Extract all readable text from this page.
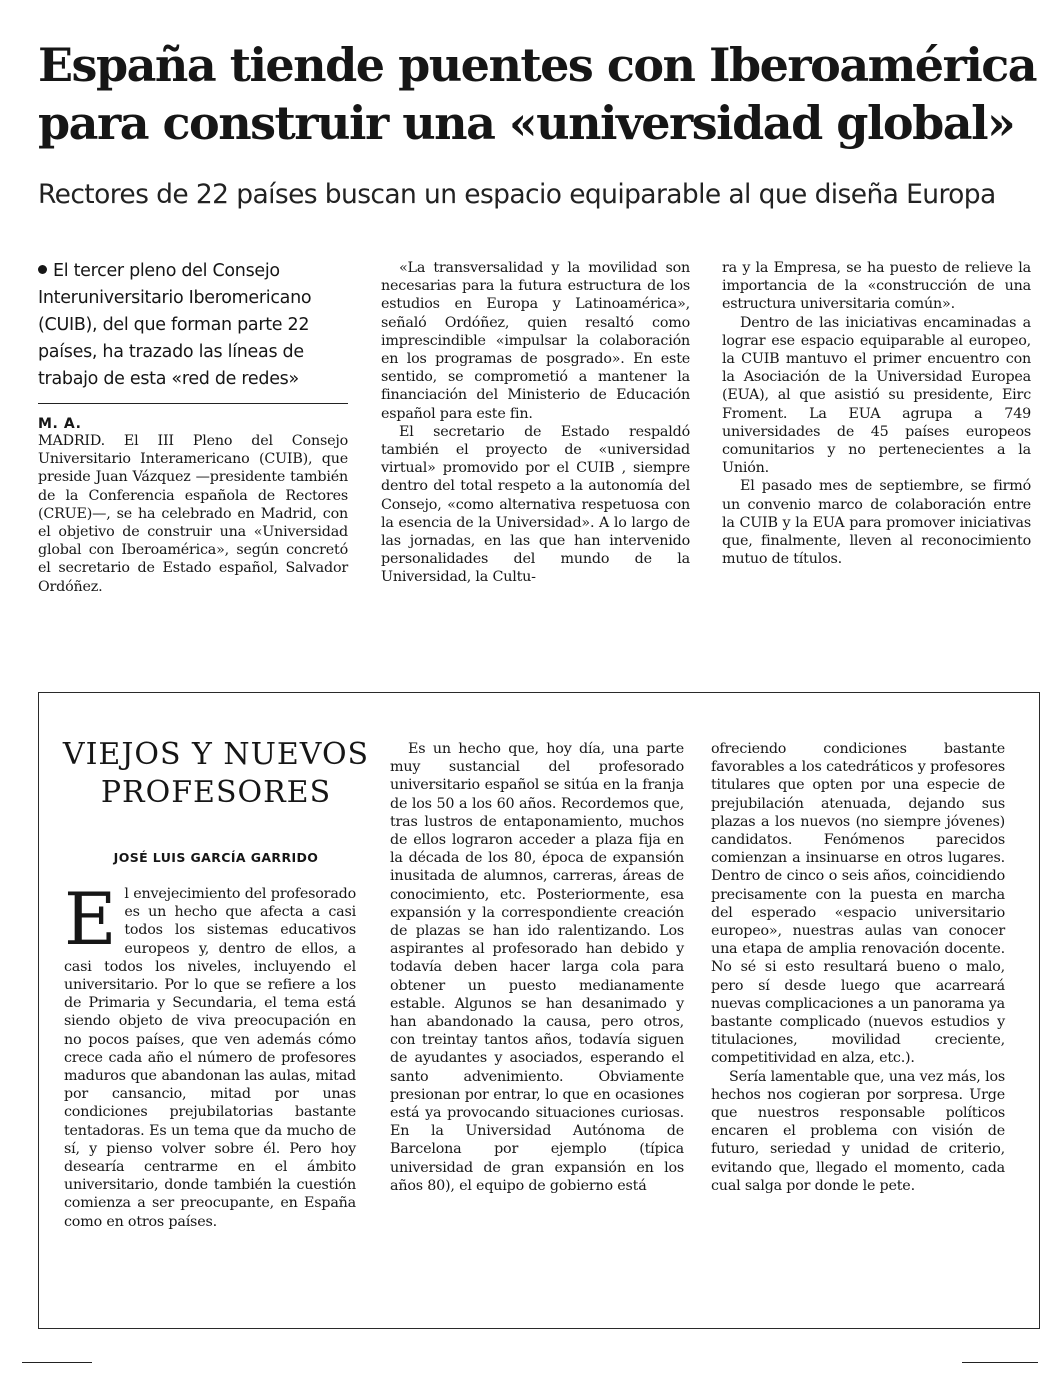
España tiende puentes con Iberoamérica para construir una «universidad global»

Rectores de 22 países buscan un espacio equiparable al que diseña Europa

El tercer pleno del Consejo Interuniversitario Iberomericano (CUIB), del que forman parte 22 países, ha trazado las líneas de trabajo de esta «red de redes»

M. A.

MADRID. El III Pleno del Consejo Universitario Interamericano (CUIB), que preside Juan Vázquez —presidente también de la Conferencia española de Rectores (CRUE)—, se ha celebrado en Madrid, con el objetivo de construir una «Universidad global con Iberoamérica», según concretó el secretario de Estado español, Salvador Ordóñez.

«La transversalidad y la movilidad son necesarias para la futura estructura de los estudios en Europa y Latinoamérica», señaló Ordóñez, quien resaltó como imprescindible «impulsar la colaboración en los programas de posgrado». En este sentido, se comprometió a mantener la financiación del Ministerio de Educación español para este fin.

El secretario de Estado respaldó también el proyecto de «universidad virtual» promovido por el CUIB , siempre dentro del total respeto a la autonomía del Consejo, «como alternativa respetuosa con la esencia de la Universidad». A lo largo de las jornadas, en las que han intervenido personalidades del mundo de la Universidad, la Cultu-

ra y la Empresa, se ha puesto de relieve la importancia de la «construcción de una estructura universitaria común».

Dentro de las iniciativas encaminadas a lograr ese espacio equiparable al europeo, la CUIB mantuvo el primer encuentro con la Asociación de la Universidad Europea (EUA), al que asistió su presidente, Eirc Froment. La EUA agrupa a 749 universidades de 45 países europeos comunitarios y no pertenecientes a la Unión.

El pasado mes de septiembre, se firmó un convenio marco de colaboración entre la CUIB y la EUA para promover iniciativas que, finalmente, lleven al reconocimiento mutuo de títulos.

VIEJOS Y NUEVOS PROFESORES

JOSÉ LUIS GARCÍA GARRIDO

El envejecimiento del profesorado es un hecho que afecta a casi todos los sistemas educativos europeos y, dentro de ellos, a casi todos los niveles, incluyendo el universitario. Por lo que se refiere a los de Primaria y Secundaria, el tema está siendo objeto de viva preocupación en no pocos países, que ven además cómo crece cada año el número de profesores maduros que abandonan las aulas, mitad por cansancio, mitad por unas condiciones prejubilatorias bastante tentadoras. Es un tema que da mucho de sí, y pienso volver sobre él. Pero hoy desearía centrarme en el ámbito universitario, donde también la cuestión comienza a ser preocupante, en España como en otros países.

Es un hecho que, hoy día, una parte muy sustancial del profesorado universitario español se sitúa en la franja de los 50 a los 60 años. Recordemos que, tras lustros de entaponamiento, muchos de ellos lograron acceder a plaza fija en la década de los 80, época de expansión inusitada de alumnos, carreras, áreas de conocimiento, etc. Posteriormente, esa expansión y la correspondiente creación de plazas se han ido ralentizando. Los aspirantes al profesorado han debido y todavía deben hacer larga cola para obtener un puesto medianamente estable. Algunos se han desanimado y han abandonado la causa, pero otros, con treintay tantos años, todavía siguen de ayudantes y asociados, esperando el santo advenimiento. Obviamente presionan por entrar, lo que en ocasiones está ya provocando situaciones curiosas. En la Universidad Autónoma de Barcelona por ejemplo (típica universidad de gran expansión en los años 80), el equipo de gobierno está

ofreciendo condiciones bastante favorables a los catedráticos y profesores titulares que opten por una especie de prejubilación atenuada, dejando sus plazas a los nuevos (no siempre jóvenes) candidatos. Fenómenos parecidos comienzan a insinuarse en otros lugares. Dentro de cinco o seis años, coincidiendo precisamente con la puesta en marcha del esperado «espacio universitario europeo», nuestras aulas van conocer una etapa de amplia renovación docente. No sé si esto resultará bueno o malo, pero sí desde luego que acarreará nuevas complicaciones a un panorama ya bastante complicado (nuevos estudios y titulaciones, movilidad creciente, competitividad en alza, etc.).

Sería lamentable que, una vez más, los hechos nos cogieran por sorpresa. Urge que nuestros responsable políticos encaren el problema con visión de futuro, seriedad y unidad de criterio, evitando que, llegado el momento, cada cual salga por donde le pete.
